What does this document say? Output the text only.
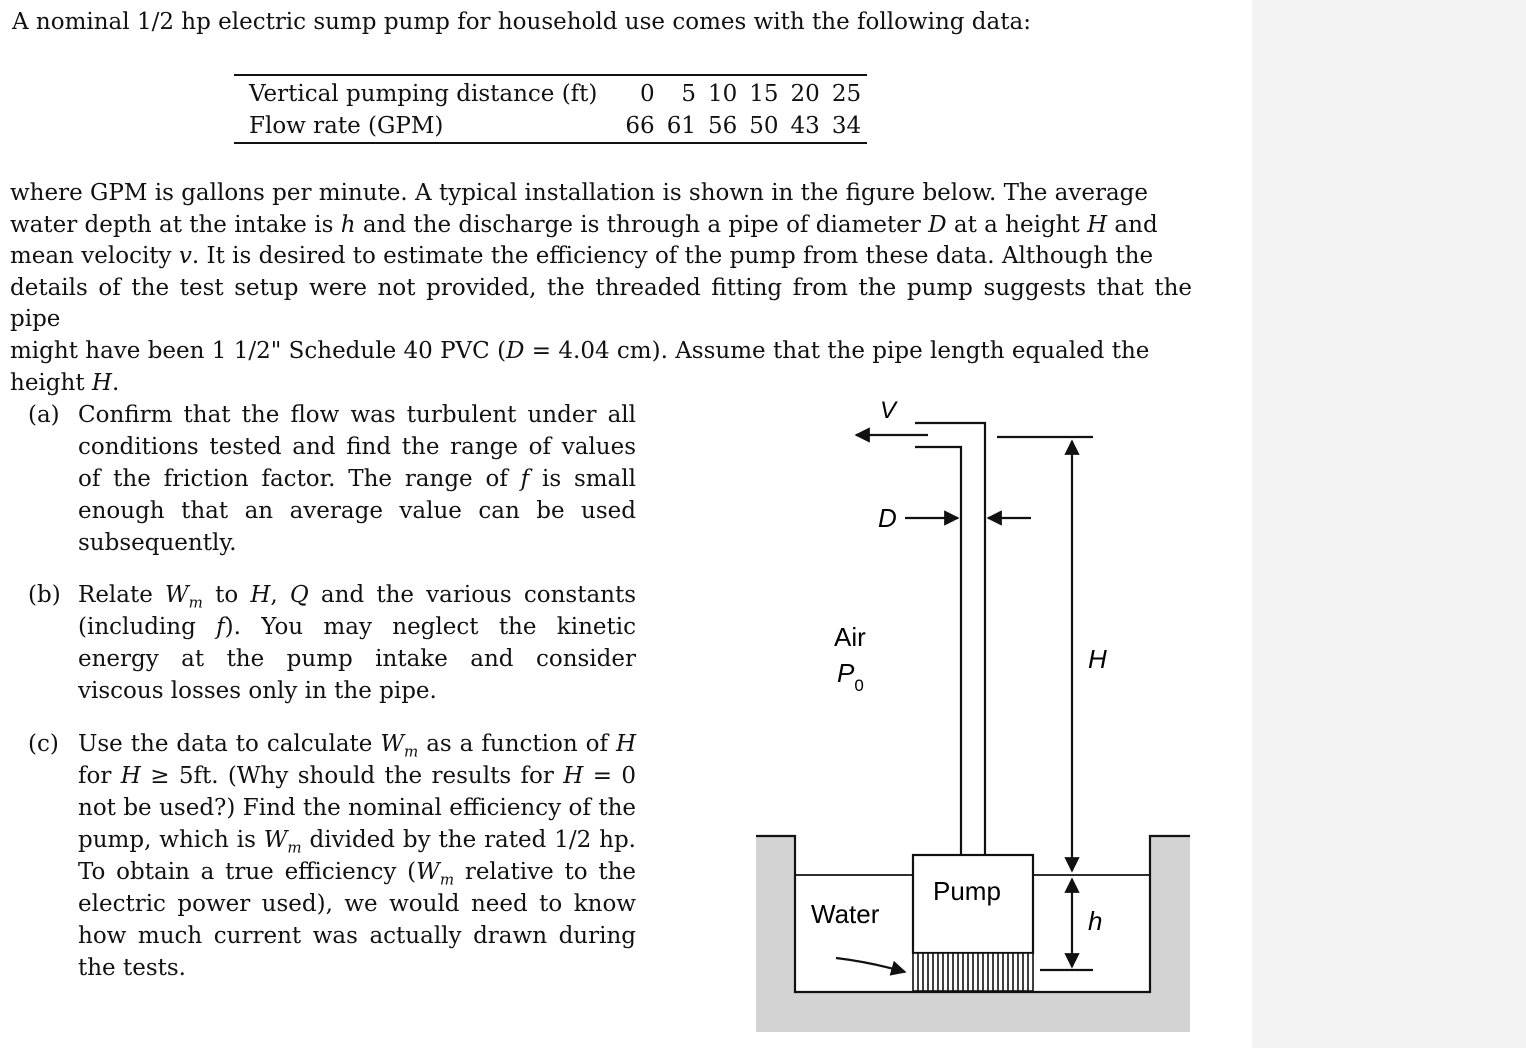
A nominal 1/2 hp electric sump pump for household use comes with the following data:
Vertical pumping distance (ft)	0	5	10	15	20	25
Flow rate (GPM)	66	61	56	50	43	34

where GPM is gallons per minute. A typical installation is shown in the figure below. The average

water depth at the intake is h and the discharge is through a pipe of diameter D at a height H and

mean velocity v. It is desired to estimate the efficiency of the pump from these data. Although the

details of the test setup were not provided, the threaded fitting from the pump suggests that the pipe

might have been 1 1/2" Schedule 40 PVC (D = 4.04 cm). Assume that the pipe length equaled the

height H.

(a) Confirm that the flow was turbulent under all conditions tested and find the range of values of the friction factor. The range of f is small enough that an average value can be used subsequently.
(b) Relate $W_m$ to H, Q and the various constants (including f). You may neglect the kinetic energy at the pump intake and consider viscous losses only in the pipe.
(c) Use the data to calculate $W_m$ as a function of H for H ≥ 5ft. (Why should the results for H = 0 not be used?) Find the nominal efficiency of the pump, which is $W_m$ divided by the rated 1/2 hp. To obtain a true efficiency ($W_m$ relative to the electric power used), we would need to know how much current was actually drawn during the tests.
V
D
Air
$P_0$
H
h
Pump
Water
